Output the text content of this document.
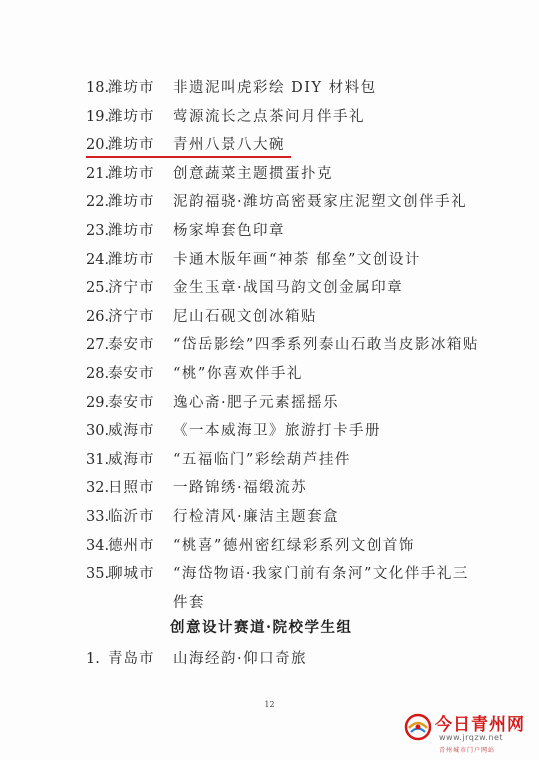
18.
潍坊市 非遗泥叫虎彩绘 DIY 材料包
19.
潍坊市 莺源流长之点茶问月伴手礼
20.
潍坊市 青州八景八大碗
21.
潍坊市 创意蔬菜主题掼蛋扑克
22.
潍坊市 泥韵福骁·潍坊高密聂家庄泥塑文创伴手礼
23.
潍坊市 杨家埠套色印章
24.
潍坊市 卡通木版年画“神荼 郁垒”文创设计
25.
济宁市 金生玉章·战国马韵文创金属印章
26.
济宁市 尼山石砚文创冰箱贴
27.
泰安市 “岱岳影绘”四季系列泰山石敢当皮影冰箱贴
28.
泰安市 “桃”你喜欢伴手礼
29.
泰安市 逸心斋·肥子元素摇摇乐
30.
威海市 《一本威海卫》旅游打卡手册
31.
威海市 “五福临门”彩绘葫芦挂件
32.
日照市 一路锦绣·福缎流苏
33.
临沂市 行检清风·廉洁主题套盒
34.
德州市 “桃喜”德州密红绿彩系列文创首饰
35.
聊城市 “海岱物语·我家门前有条河”文化伴手礼三件套
创意设计赛道·院校学生组
1. 青岛市 山海经韵·仰口奇旅
12
今日青州网
www.jrqzw.net
青州城市门户网站
